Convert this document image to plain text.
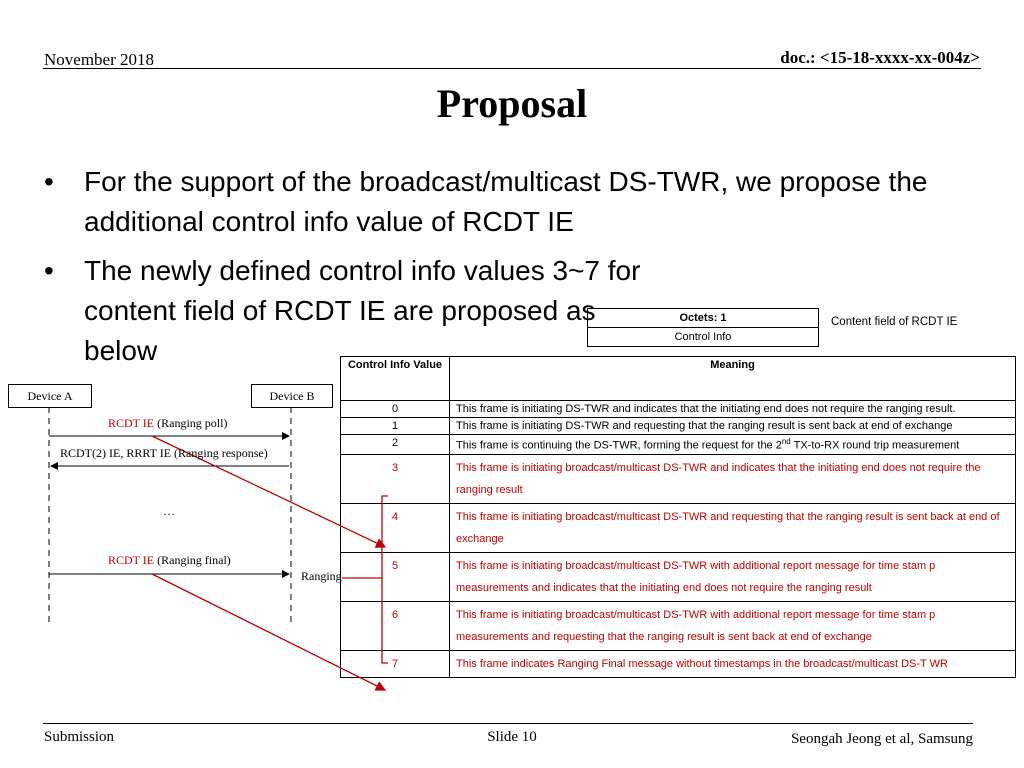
November 2018	doc.: <15-18-xxxx-xx-004z>
Proposal
• For the support of the broadcast/multicast DS-TWR, we propose the additional control info value of RCDT IE
• The newly defined control info values 3~7 for content field of RCDT IE are proposed as below
Octets: 1
Control Info
Content field of RCDT IE
Control Info Value	Meaning
0	This frame is initiating DS-TWR and indicates that the initiating end does not require the ranging result.
1	This frame is initiating DS-TWR and requesting that the ranging result is sent back at end of exchange
2	This frame is continuing the DS-TWR, forming the request for the 2nd TX-to-RX round trip measurement
3	This frame is initiating broadcast/multicast DS-TWR and indicates that the initiating end does not require the ranging result
4	This frame is initiating broadcast/multicast DS-TWR and requesting that the ranging result is sent back at end of exchange
5	This frame is initiating broadcast/multicast DS-TWR with additional report message for time stam p measurements and indicates that the initiating end does not require the ranging result
6	This frame is initiating broadcast/multicast DS-TWR with additional report message for time stam p measurements and requesting that the ranging result is sent back at end of exchange
7	This frame indicates Ranging Final message without timestamps in the broadcast/multicast DS-T WR
Device A	Device B
RCDT IE (Ranging poll)
RCDT(2) IE, RRRT IE (Ranging response)
…
RCDT IE (Ranging final)
Ranging
Submission	Slide 10	Seongah Jeong et al, Samsung
